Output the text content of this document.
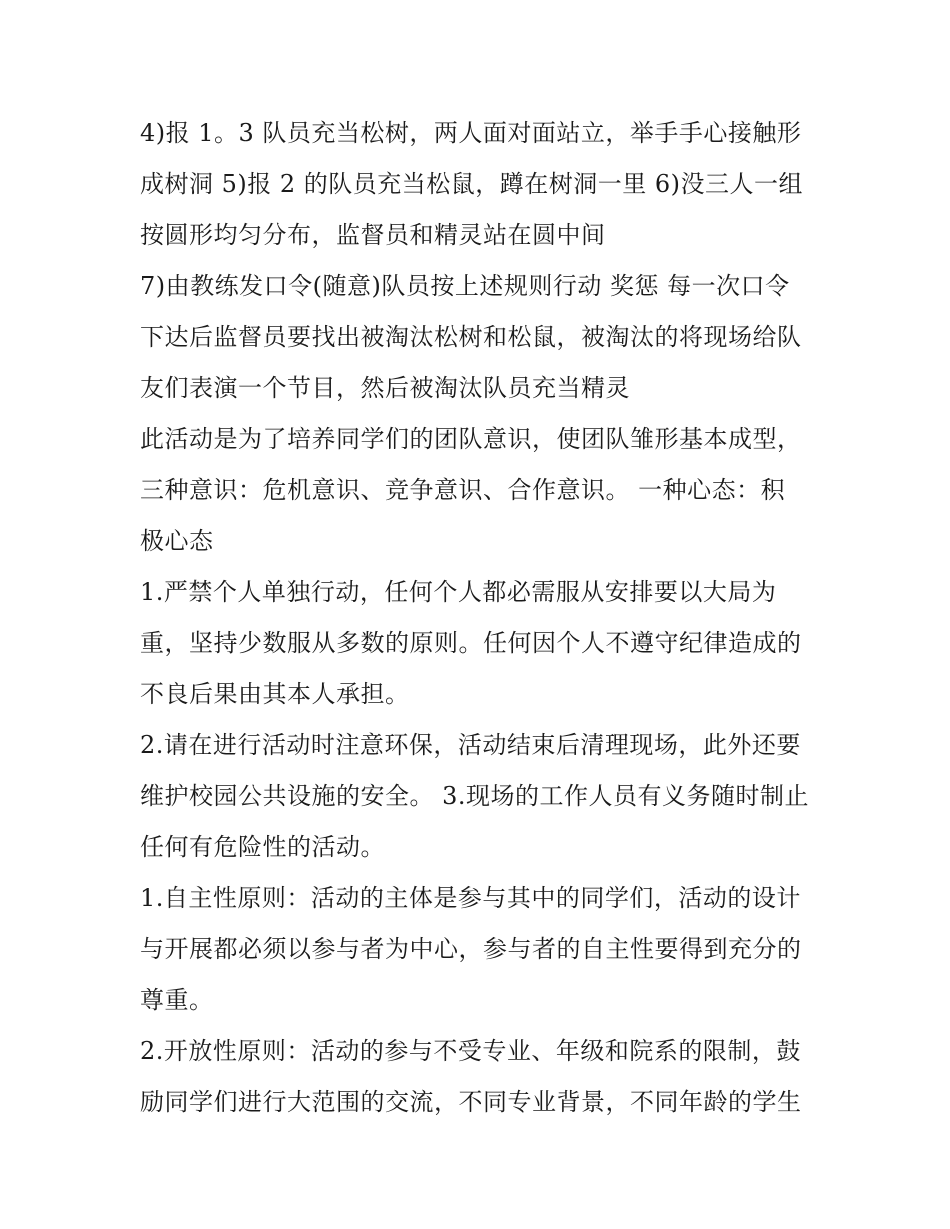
4)报 1。3 队员充当松树，两人面对面站立，举手手心接触形
成树洞 5)报 2 的队员充当松鼠，蹲在树洞一里 6)没三人一组
按圆形均匀分布，监督员和精灵站在圆中间
7)由教练发口令(随意)队员按上述规则行动 奖惩 每一次口令
下达后监督员要找出被淘汰松树和松鼠，被淘汰的将现场给队
友们表演一个节目，然后被淘汰队员充当精灵
此活动是为了培养同学们的团队意识，使团队雏形基本成型，
三种意识：危机意识、竞争意识、合作意识。 一种心态：积
极心态
1.严禁个人单独行动，任何个人都必需服从安排要以大局为
重，坚持少数服从多数的原则。任何因个人不遵守纪律造成的
不良后果由其本人承担。
2.请在进行活动时注意环保，活动结束后清理现场，此外还要
维护校园公共设施的安全。 3.现场的工作人员有义务随时制止
任何有危险性的活动。
1.自主性原则：活动的主体是参与其中的同学们，活动的设计
与开展都必须以参与者为中心，参与者的自主性要得到充分的
尊重。
2.开放性原则：活动的参与不受专业、年级和院系的限制，鼓
励同学们进行大范围的交流，不同专业背景，不同年龄的学生
